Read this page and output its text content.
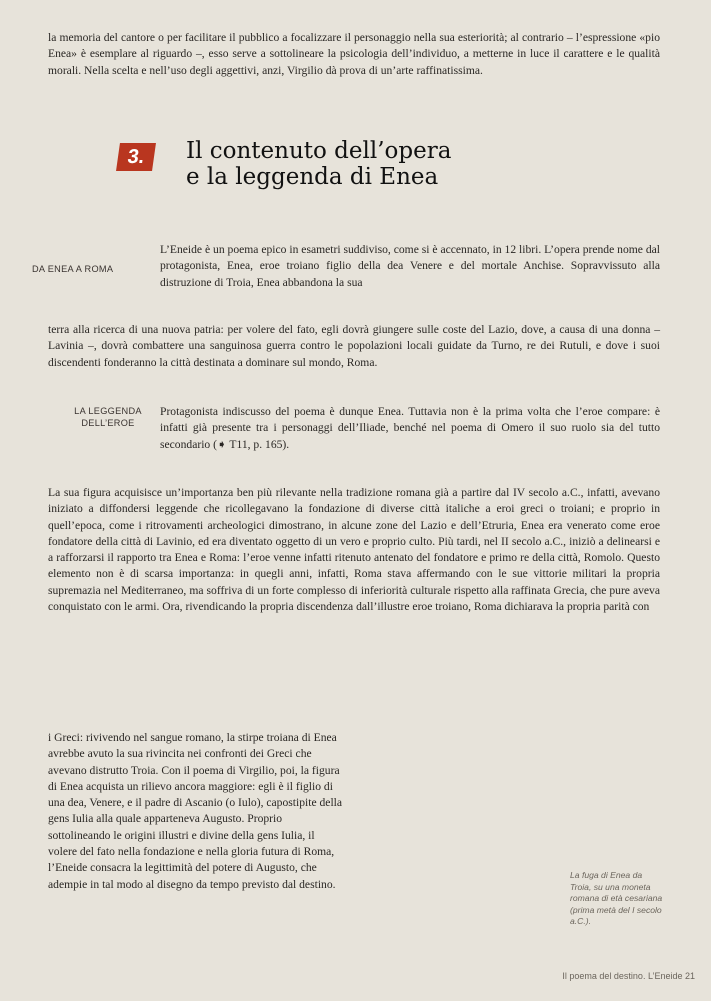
la memoria del cantore o per facilitare il pubblico a focalizzare il personaggio nella sua esteriorità; al contrario – l’espressione «pio Enea» è esemplare al riguardo –, esso serve a sottolineare la psicologia dell’individuo, a metterne in luce il carattere e le qualità morali. Nella scelta e nell’uso degli aggettivi, anzi, Virgilio dà prova di un’arte raffinatissima.

3.	Il contenuto dell’opera
e la leggenda di Enea
DA ENEA A ROMA

L’Eneide è un poema epico in esametri suddiviso, come si è accennato, in 12 libri. L’opera prende nome dal protagonista, Enea, eroe troiano figlio della dea Venere e del mortale Anchise. Sopravvissuto alla distruzione di Troia, Enea abbandona la sua

terra alla ricerca di una nuova patria: per volere del fato, egli dovrà giungere sulle coste del Lazio, dove, a causa di una donna – Lavinia –, dovrà combattere una sanguinosa guerra contro le popolazioni locali guidate da Turno, re dei Rutuli, e dove i suoi discendenti fonderanno la città destinata a dominare sul mondo, Roma.

LA LEGGENDA
DELL’EROE

Protagonista indiscusso del poema è dunque Enea. Tuttavia non è la prima volta che l’eroe compare: è infatti già presente tra i personaggi dell’Iliade, benché nel poema di Omero il suo ruolo sia del tutto secondario (➧ T11, p. 165).

La sua figura acquisisce un’importanza ben più rilevante nella tradizione romana già a partire dal IV secolo a.C., infatti, avevano iniziato a diffondersi leggende che ricollegavano la fondazione di diverse città italiche a eroi greci o troiani; e proprio in quell’epoca, come i ritrovamenti archeologici dimostrano, in alcune zone del Lazio e dell’Etruria, Enea era venerato come eroe fondatore della città di Lavinio, ed era diventato oggetto di un vero e proprio culto. Più tardi, nel II secolo a.C., iniziò a delinearsi e a rafforzarsi il rapporto tra Enea e Roma: l’eroe venne infatti ritenuto antenato del fondatore e primo re della città, Romolo. Questo elemento non è di scarsa importanza: in quegli anni, infatti, Roma stava affermando con le sue vittorie militari la propria supremazia nel Mediterraneo, ma soffriva di un forte complesso di inferiorità culturale rispetto alla raffinata Grecia, che pure aveva conquistato con le armi. Ora, rivendicando la propria discendenza dall’illustre eroe troiano, Roma dichiarava la propria parità con

i Greci: rivivendo nel sangue romano, la stirpe troiana di Enea avrebbe avuto la sua rivincita nei confronti dei Greci che avevano distrutto Troia. Con il poema di Virgilio, poi, la figura di Enea acquista un rilievo ancora maggiore: egli è il figlio di una dea, Venere, e il padre di Ascanio (o Iulo), capostipite della gens Iulia alla quale apparteneva Augusto. Proprio sottolineando le origini illustri e divine della gens Iulia, il volere del fato nella fondazione e nella gloria futura di Roma, l’Eneide consacra la legittimità del potere di Augusto, che adempie in tal modo al disegno da tempo previsto dal destino.

La fuga di Enea da Troia, su una moneta romana di età cesariana (prima metà del I secolo a.C.).
Il poema del destino. L’Eneide 21
